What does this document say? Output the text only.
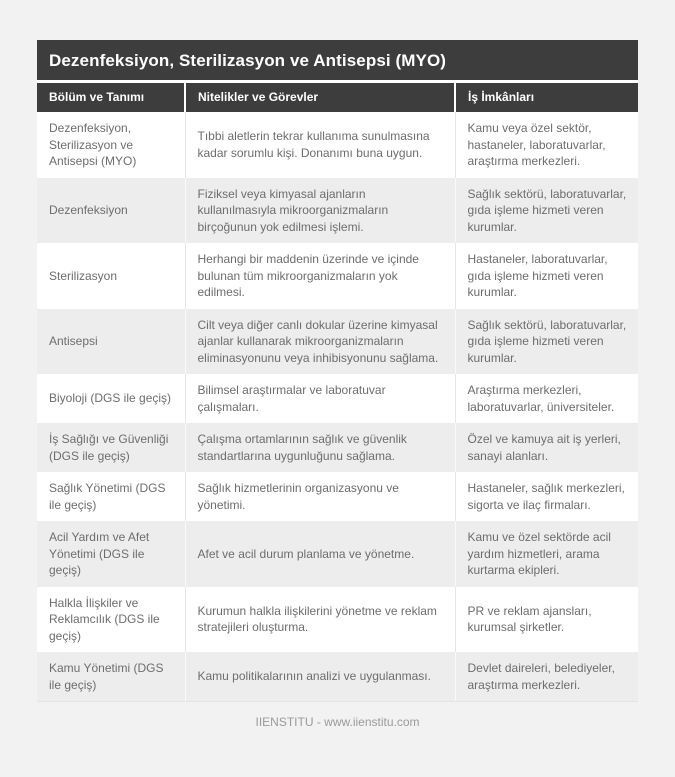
Dezenfeksiyon, Sterilizasyon ve Antisepsi (MYO)
Bölüm ve Tanımı	Nitelikler ve Görevler	İş İmkânları
Dezenfeksiyon, Sterilizasyon ve Antisepsi (MYO)	Tıbbi aletlerin tekrar kullanıma sunulmasına kadar sorumlu kişi. Donanımı buna uygun.	Kamu veya özel sektör, hastaneler, laboratuvarlar, araştırma merkezleri.
Dezenfeksiyon	Fiziksel veya kimyasal ajanların kullanılmasıyla mikroorganizmaların birçoğunun yok edilmesi işlemi.	Sağlık sektörü, laboratuvarlar, gıda işleme hizmeti veren kurumlar.
Sterilizasyon	Herhangi bir maddenin üzerinde ve içinde bulunan tüm mikroorganizmaların yok edilmesi.	Hastaneler, laboratuvarlar, gıda işleme hizmeti veren kurumlar.
Antisepsi	Cilt veya diğer canlı dokular üzerine kimyasal ajanlar kullanarak mikroorganizmaların eliminasyonunu veya inhibisyonunu sağlama.	Sağlık sektörü, laboratuvarlar, gıda işleme hizmeti veren kurumlar.
Biyoloji (DGS ile geçiş)	Bilimsel araştırmalar ve laboratuvar çalışmaları.	Araştırma merkezleri, laboratuvarlar, üniversiteler.
İş Sağlığı ve Güvenliği (DGS ile geçiş)	Çalışma ortamlarının sağlık ve güvenlik standartlarına uygunluğunu sağlama.	Özel ve kamuya ait iş yerleri, sanayi alanları.
Sağlık Yönetimi (DGS ile geçiş)	Sağlık hizmetlerinin organizasyonu ve yönetimi.	Hastaneler, sağlık merkezleri, sigorta ve ilaç firmaları.
Acil Yardım ve Afet Yönetimi (DGS ile geçiş)	Afet ve acil durum planlama ve yönetme.	Kamu ve özel sektörde acil yardım hizmetleri, arama kurtarma ekipleri.
Halkla İlişkiler ve Reklamcılık (DGS ile geçiş)	Kurumun halkla ilişkilerini yönetme ve reklam stratejileri oluşturma.	PR ve reklam ajansları, kurumsal şirketler.
Kamu Yönetimi (DGS ile geçiş)	Kamu politikalarının analizi ve uygulanması.	Devlet daireleri, belediyeler, araştırma merkezleri.
IIENSTITU - www.iienstitu.com
